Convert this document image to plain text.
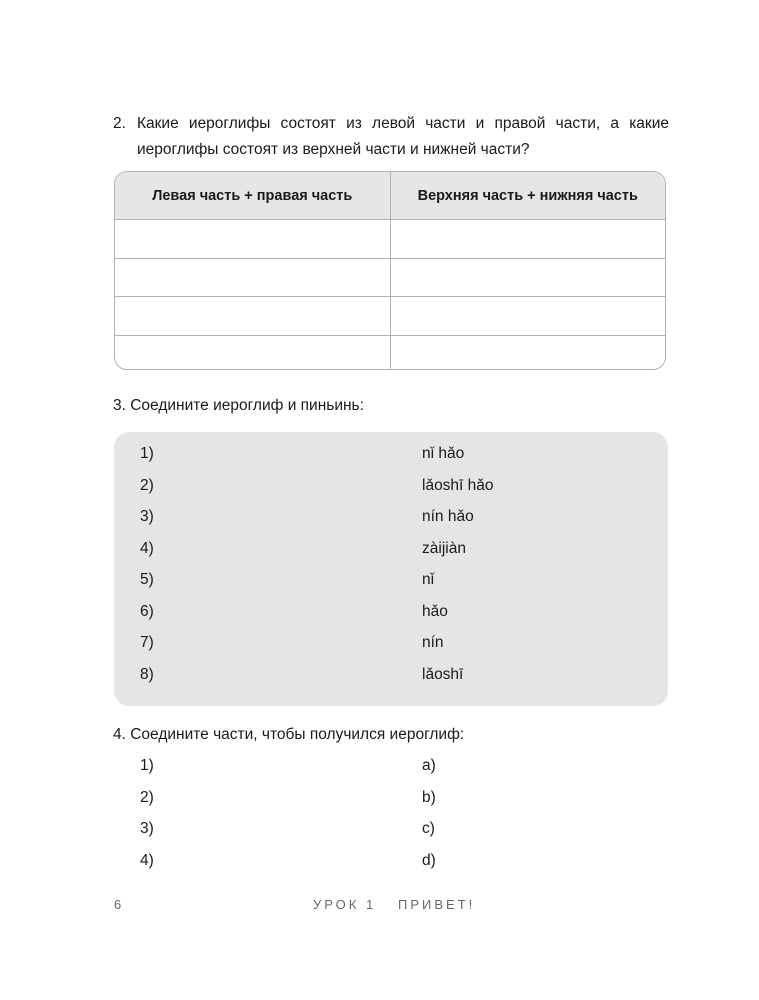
2. Какие иероглифы состоят из левой части и правой части, а какие
иероглифы состоят из верхней части и нижней части?
Левая часть + правая часть	Верхняя часть + нижняя часть
3. Соедините иероглиф и пиньинь:
1)	nǐ hǎo
2)	lǎoshī hǎo
3)	nín hǎo
4)	zàijiàn
5)	nǐ
6)	hǎo
7)	nín
8)	lǎoshī
4. Соедините части, чтобы получился иероглиф:
1)	a)
2)	b)
3)	c)
4)	d)
6	УРОК 1 ПРИВЕТ!
